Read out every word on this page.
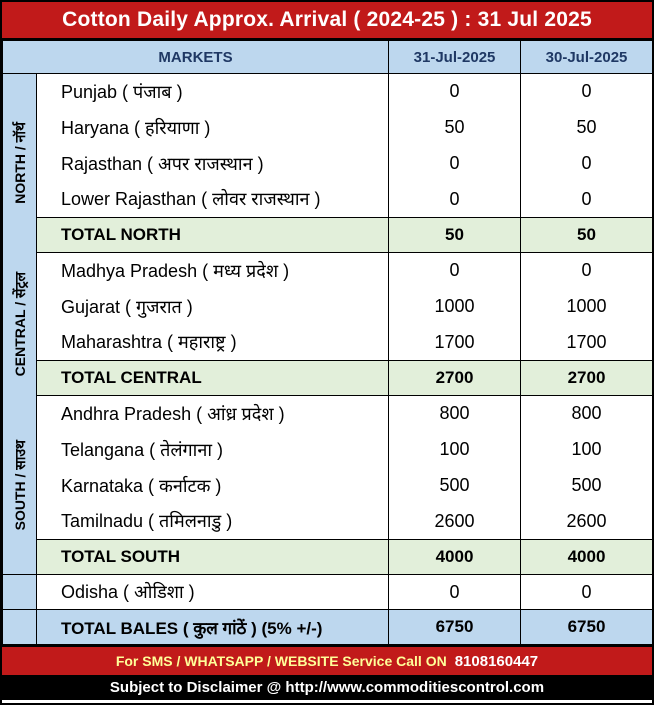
Cotton Daily Approx. Arrival ( 2024-25 ) : 31 Jul 2025
MARKETS		31-Jul-2025	30-Jul-2025

NORTH / नॉर्थ	Punjab ( पंजाब )	0	0
	Haryana ( हरियाणा )	50	50
	Rajasthan ( अपर राजस्थान )	0	0
	Lower Rajasthan ( लोवर राजस्थान )	0	0
	TOTAL NORTH	50	50

CENTRAL / सेंट्रल	Madhya Pradesh ( मध्य प्रदेश )	0	0
	Gujarat ( गुजरात )	1000	1000
	Maharashtra ( महाराष्ट्र )	1700	1700
	TOTAL CENTRAL	2700	2700

SOUTH / साउथ	Andhra Pradesh ( आंध्र प्रदेश )	800	800
	Telangana ( तेलंगाना )	100	100
	Karnataka ( कर्नाटक )	500	500
	Tamilnadu ( तमिलनाडु )	2600	2600
	TOTAL SOUTH	4000	4000
	Odisha ( ओडिशा )	0	0
	TOTAL BALES ( कुल गांठें ) (5% +/-)	6750	6750
For SMS / WHATSAPP / WEBSITE Service Call ON 8108160447
Subject to Disclaimer @ http://www.commoditiescontrol.com
